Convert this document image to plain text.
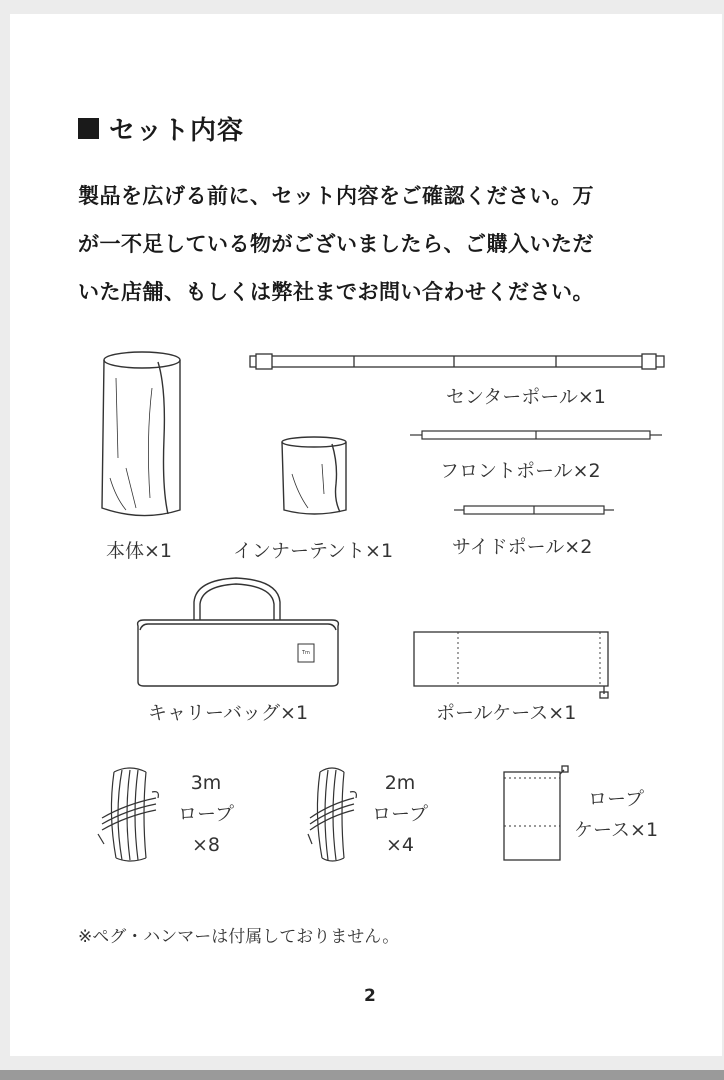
セット内容
製品を広げる前に、セット内容をご確認ください。万
が一不足している物がございましたら、ご購入いただ
いた店舗、もしくは弊社までお問い合わせください。
本体×1	インナーテント×1
センターポール×1
フロントポール×2
サイドポール×2
Tm
キャリーバッグ×1	ポールケース×1
3m
ロープ
×8
2m
ロープ
×4
ロープ
ケース×1
※ペグ・ハンマーは付属しておりません。
2
